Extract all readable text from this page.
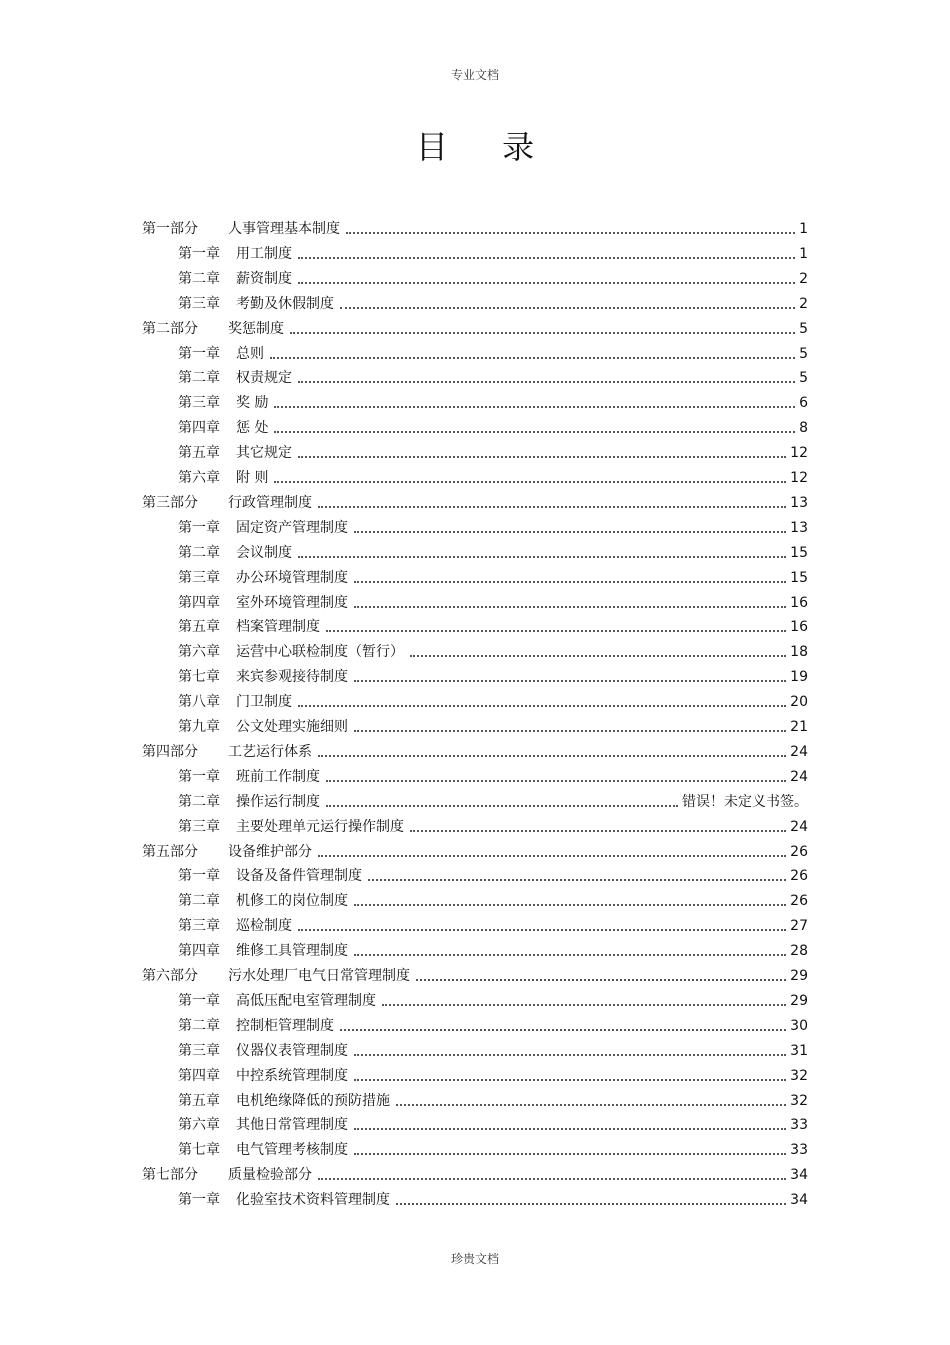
专业文档
目 录
第一部分	人事管理基本制度	1
第一章	用工制度	1
第二章	薪资制度	2
第三章	考勤及休假制度	2
第二部分	奖惩制度	5
第一章	总则	5
第二章	权责规定	5
第三章	奖 励	6
第四章	惩 处	8
第五章	其它规定	12
第六章	附 则	12
第三部分	行政管理制度	13
第一章	固定资产管理制度	13
第二章	会议制度	15
第三章	办公环境管理制度	15
第四章	室外环境管理制度	16
第五章	档案管理制度	16
第六章	运营中心联检制度（暂行）	18
第七章	来宾参观接待制度	19
第八章	门卫制度	20
第九章	公文处理实施细则	21
第四部分	工艺运行体系	24
第一章	班前工作制度	24
第二章	操作运行制度	错误！未定义书签。
第三章	主要处理单元运行操作制度	24
第五部分	设备维护部分	26
第一章	设备及备件管理制度	26
第二章	机修工的岗位制度	26
第三章	巡检制度	27
第四章	维修工具管理制度	28
第六部分	污水处理厂电气日常管理制度	29
第一章	高低压配电室管理制度	29
第二章	控制柜管理制度	30
第三章	仪器仪表管理制度	31
第四章	中控系统管理制度	32
第五章	电机绝缘降低的预防措施	32
第六章	其他日常管理制度	33
第七章	电气管理考核制度	33
第七部分	质量检验部分	34
第一章	化验室技术资料管理制度	34
珍贵文档
